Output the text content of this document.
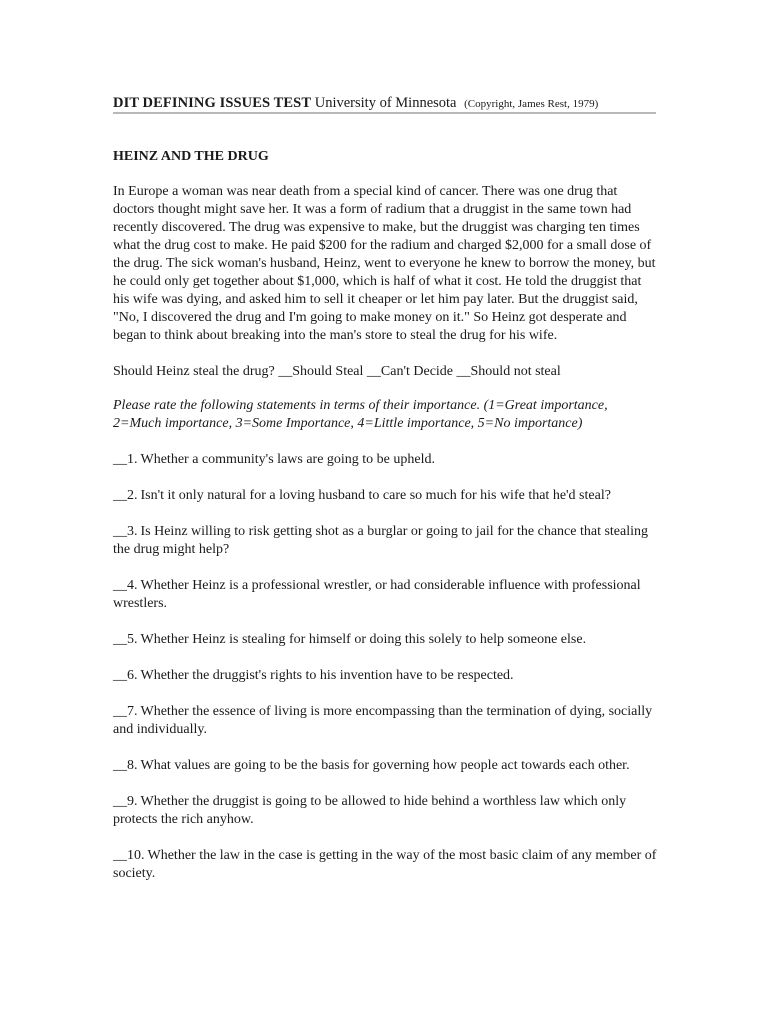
DIT DEFINING ISSUES TEST University of Minnesota (Copyright, James Rest, 1979)
HEINZ AND THE DRUG

In Europe a woman was near death from a special kind of cancer. There was one drug that doctors thought might save her. It was a form of radium that a druggist in the same town had recently discovered. The drug was expensive to make, but the druggist was charging ten times what the drug cost to make. He paid $200 for the radium and charged $2,000 for a small dose of the drug. The sick woman's husband, Heinz, went to everyone he knew to borrow the money, but he could only get together about $1,000, which is half of what it cost. He told the druggist that his wife was dying, and asked him to sell it cheaper or let him pay later. But the druggist said, "No, I discovered the drug and I'm going to make money on it." So Heinz got desperate and began to think about breaking into the man's store to steal the drug for his wife.

Should Heinz steal the drug? __Should Steal __Can't Decide __Should not steal

Please rate the following statements in terms of their importance. (1=Great importance, 2=Much importance, 3=Some Importance, 4=Little importance, 5=No importance)

__1. Whether a community's laws are going to be upheld.

__2. Isn't it only natural for a loving husband to care so much for his wife that he'd steal?

__3. Is Heinz willing to risk getting shot as a burglar or going to jail for the chance that stealing the drug might help?

__4. Whether Heinz is a professional wrestler, or had considerable influence with professional wrestlers.

__5. Whether Heinz is stealing for himself or doing this solely to help someone else.

__6. Whether the druggist's rights to his invention have to be respected.

__7. Whether the essence of living is more encompassing than the termination of dying, socially and individually.

__8. What values are going to be the basis for governing how people act towards each other.

__9. Whether the druggist is going to be allowed to hide behind a worthless law which only protects the rich anyhow.

__10. Whether the law in the case is getting in the way of the most basic claim of any member of society.
